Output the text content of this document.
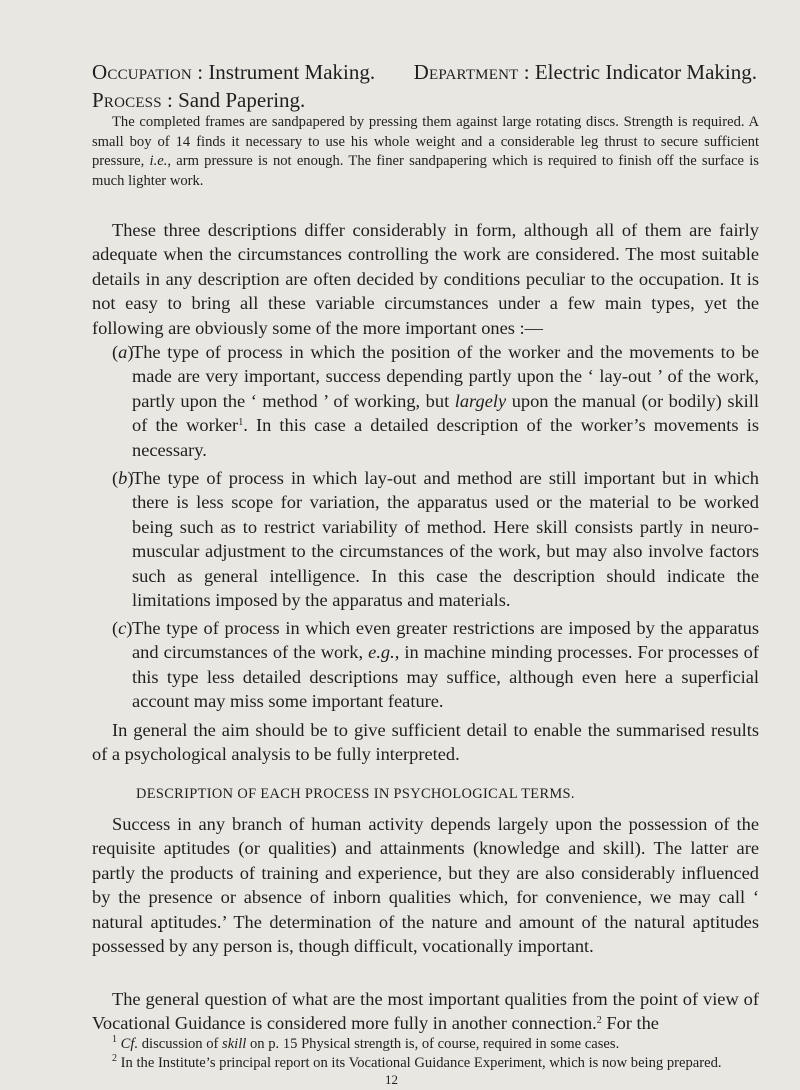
Occupation : Instrument Making. Department : Electric Indicator Making.
Process : Sand Papering.
The completed frames are sandpapered by pressing them against large rotating discs. Strength is required. A small boy of 14 finds it necessary to use his whole weight and a considerable leg thrust to secure sufficient pressure, i.e., arm pressure is not enough. The finer sandpapering which is required to finish off the surface is much lighter work.

These three descriptions differ considerably in form, although all of them are fairly adequate when the circumstances controlling the work are considered. The most suitable details in any description are often decided by conditions peculiar to the occupation. It is not easy to bring all these variable circumstances under a few main types, yet the following are obviously some of the more important ones :—

(a)
The type of process in which the position of the worker and the movements to be made are very important, success depending partly upon the ‘ lay-out ’ of the work, partly upon the ‘ method ’ of working, but largely upon the manual (or bodily) skill of the worker$^1$. In this case a detailed description of the worker’s movements is necessary.
(b)
The type of process in which lay-out and method are still important but in which there is less scope for variation, the apparatus used or the material to be worked being such as to restrict variability of method. Here skill consists partly in neuro-muscular adjustment to the circumstances of the work, but may also involve factors such as general intelligence. In this case the description should indicate the limitations imposed by the apparatus and materials.
(c) The type of process in which even greater restrictions are imposed by the apparatus and circumstances of the work, e.g., in machine minding processes. For processes of this type less detailed descriptions may suffice, although even here a superficial account may miss some important feature.

In general the aim should be to give sufficient detail to enable the summarised results of a psychological analysis to be fully interpreted.

DESCRIPTION OF EACH PROCESS IN PSYCHOLOGICAL TERMS.

Success in any branch of human activity depends largely upon the possession of the requisite aptitudes (or qualities) and attainments (knowledge and skill). The latter are partly the products of training and experience, but they are also considerably influenced by the presence or absence of inborn qualities which, for convenience, we may call ‘ natural aptitudes.’ The determination of the nature and amount of the natural aptitudes possessed by any person is, though difficult, vocationally important.

The general question of what are the most important qualities from the point of view of Vocational Guidance is considered more fully in another connection.$^2$ For the

$^1$ Cf. discussion of skill on p. 15 Physical strength is, of course, required in some cases.

$^2$ In the Institute’s principal report on its Vocational Guidance Experiment, which is now being prepared.

12
